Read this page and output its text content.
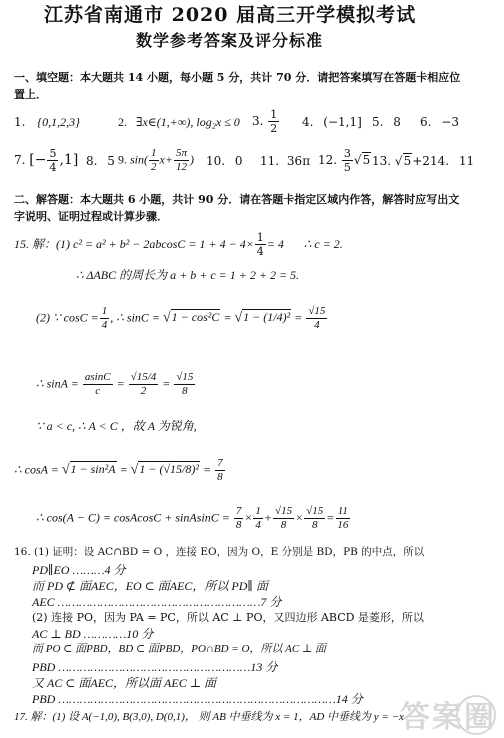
江苏省南通市 2020 届高三开学模拟考试
数学参考答案及评分标准
一、填空题：本大题共 14 小题，每小题 5 分，共计 70 分．请把答案填写在答题卡相应位
置上．
1. {0,1,2,3}	2. ∃x∈(1,+∞), log₂x ≤ 0 3. $\frac{1}{2} 4$. (−1,1] 5. 8 6. −3
7. [− $\frac{5}{4} ,1$] 8. 5 9. $\sin( \frac{1}{2} x+ \frac{5\pi}{12}$ ) 10. 0 11. 36π 12. $\frac{3}{5} √5$ 13. √5+2 14. 11
二、解答题：本大题共 6 小题，共计 90 分．请在答题卡指定区域内作答，解答时应写出文
字说明、证明过程或计算步骤．
15. 解：(1) $c^2 = a^2 + b^2 - 2abcosC = 1 + 4 - 4\times \frac{1}{4} = 4$ ∴ c = 2.
∴ ΔABC 的周长为 a + b + c = 1 + 2 + 2 = 5.
(2) ∵ $\cos C = \frac{1}{4}$ , ∴ $\sin C = √1 - \cos^2C = √1 - (1/4)^2 = \frac{√15}{4}$
∴ $\sin A = \frac{asinC}{c} = \frac{√15/4}{2} = \frac{√15}{8}$
∵ a < c, ∴ A < C ，故 A 为锐角,
∴ $\cos A = √1 - \sin^2A = √1 - (√15/8)^2 = \frac{7}{8}$
∴ cos(A − C) = cosAcosC + sinAsinC = $\frac{7}{8} \times \frac{1}{4} + \frac{√15}{8} \times \frac{√15}{8} = \frac{11}{16}$
16. (1) 证明：设 AC∩BD = O ，连接 EO，因为 O，E 分别是 BD，PB 的中点，所以
PD∥EO ………4 分
而 PD ⊄ 面AEC，EO ⊂ 面AEC，所以 PD∥ 面
AEC …………………………………………………7 分
(2) 连接 PO，因为 PA = PC，所以 AC ⊥ PO，又四边形 ABCD 是菱形，所以
AC ⊥ BD …………10 分
而 PO ⊂ 面PBD，BD ⊂ 面PBD，PO∩BD = O，所以 AC ⊥ 面
PBD ………………………………………………13 分
又 AC ⊂ 面AEC，所以面 AEC ⊥ 面
PBD ……………………………………………………………………14 分
17. 解：(1) 设 A(−1,0), B(3,0), D(0,1)， 则 AB 中垂线为 x = 1，AD 中垂线为 y = −x
答案圈
